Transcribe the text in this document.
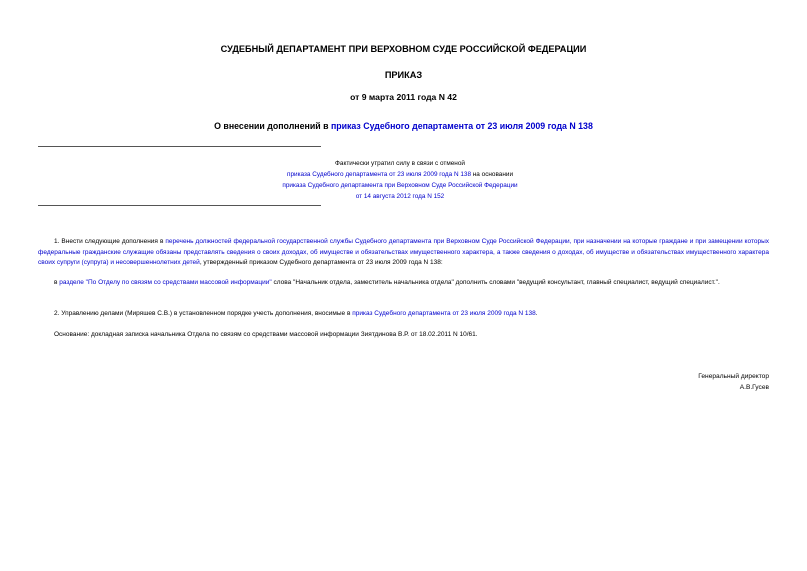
СУДЕБНЫЙ ДЕПАРТАМЕНТ ПРИ ВЕРХОВНОМ СУДЕ РОССИЙСКОЙ ФЕДЕРАЦИИ
ПРИКАЗ
от 9 марта 2011 года N 42
О внесении дополнений в приказ Судебного департамента от 23 июля 2009 года N 138
Фактически утратил силу в связи с отменой
приказа Судебного департамента от 23 июля 2009 года N 138 на основании
приказа Судебного департамента при Верховном Суде Российской Федерации
от 14 августа 2012 года N 152
1. Внести следующие дополнения в перечень должностей федеральной государственной службы Судебного департамента при Верховном Суде Российской Федерации, при назначении на которые граждане и при замещении которых федеральные гражданские служащие обязаны представлять сведения о своих доходах, об имуществе и обязательствах имущественного характера, а также сведения о доходах, об имуществе и обязательствах имущественного характера своих супруги (супруга) и несовершеннолетних детей, утвержденный приказом Судебного департамента от 23 июля 2009 года N 138:
в разделе "По Отделу по связям со средствами массовой информации" слова "Начальник отдела, заместитель начальника отдела" дополнить словами "ведущий консультант, главный специалист, ведущий специалист.".
2. Управлению делами (Миряшев С.В.) в установленном порядке учесть дополнения, вносимые в приказ Судебного департамента от 23 июля 2009 года N 138.
Основание: докладная записка начальника Отдела по связям со средствами массовой информации Зиятдинова В.Р. от 18.02.2011 N 10/61.
Генеральный директор
А.В.Гусев
